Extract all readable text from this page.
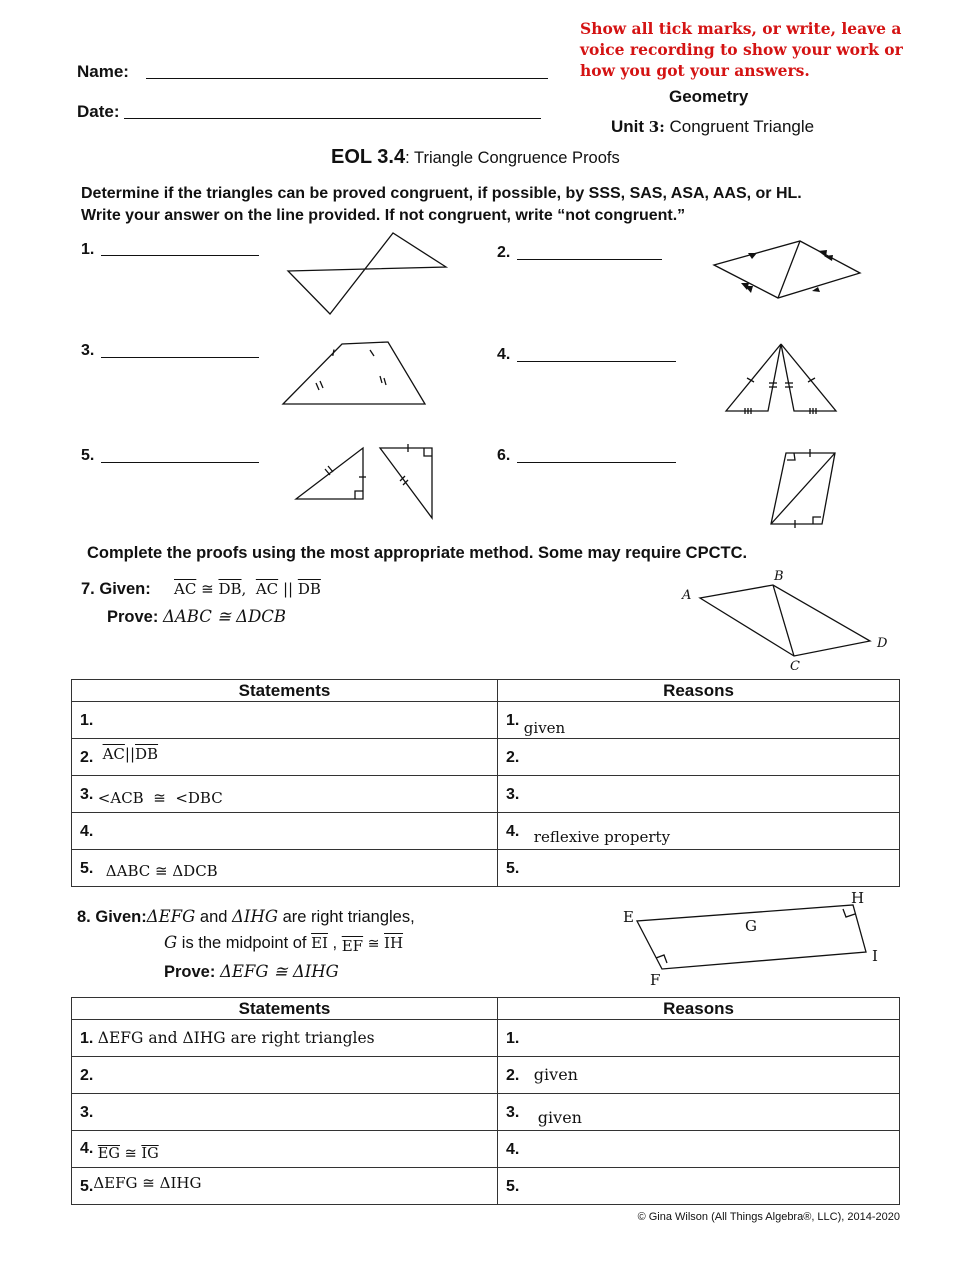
Show all tick marks, or write, leave a voice recording to show your work or how you got your answers.
Name:
Date:
Geometry
Unit 3: Congruent Triangle
EOL 3.4: Triangle Congruence Proofs
Determine if the triangles can be proved congruent, if possible, by SSS, SAS, ASA, AAS, or HL.
Write your answer on the line provided. If not congruent, write “not congruent.”
1.	2.
3.	4.
5.	6.
Complete the proofs using the most appropriate method. Some may require CPCTC.
7. Given: $\overline{AC}$ ≅ $\overline{DB}$, $\overline{AC}$ || $\overline{DB}$
Prove: ΔABC ≅ ΔDCB
A
B
C
D
Statements	Reasons
1.	1. given
2. $\overline{AC}||\overline{DB}$	2.
3. <ACB  ≅  <DBC	3.
4.	4. reflexive property
5. ΔABC ≅ ΔDCB	5.
8. Given:ΔEFG and ΔIHG are right triangles,
G is the midpoint of $\overline{EI}$ , $\overline{EF}$ ≅ $\overline{IH}$
Prove: ΔEFG ≅ ΔIHG
E
F
G
H
I
Statements	Reasons
1. ΔEFG and ΔIHG are right triangles	1.
2.	2. given
3.	3. given
4. $\overline{EG}$ ≅ $\overline{IG}$	4.
5.ΔEFG ≅ ΔIHG	5.
© Gina Wilson (All Things Algebra®, LLC), 2014-2020
